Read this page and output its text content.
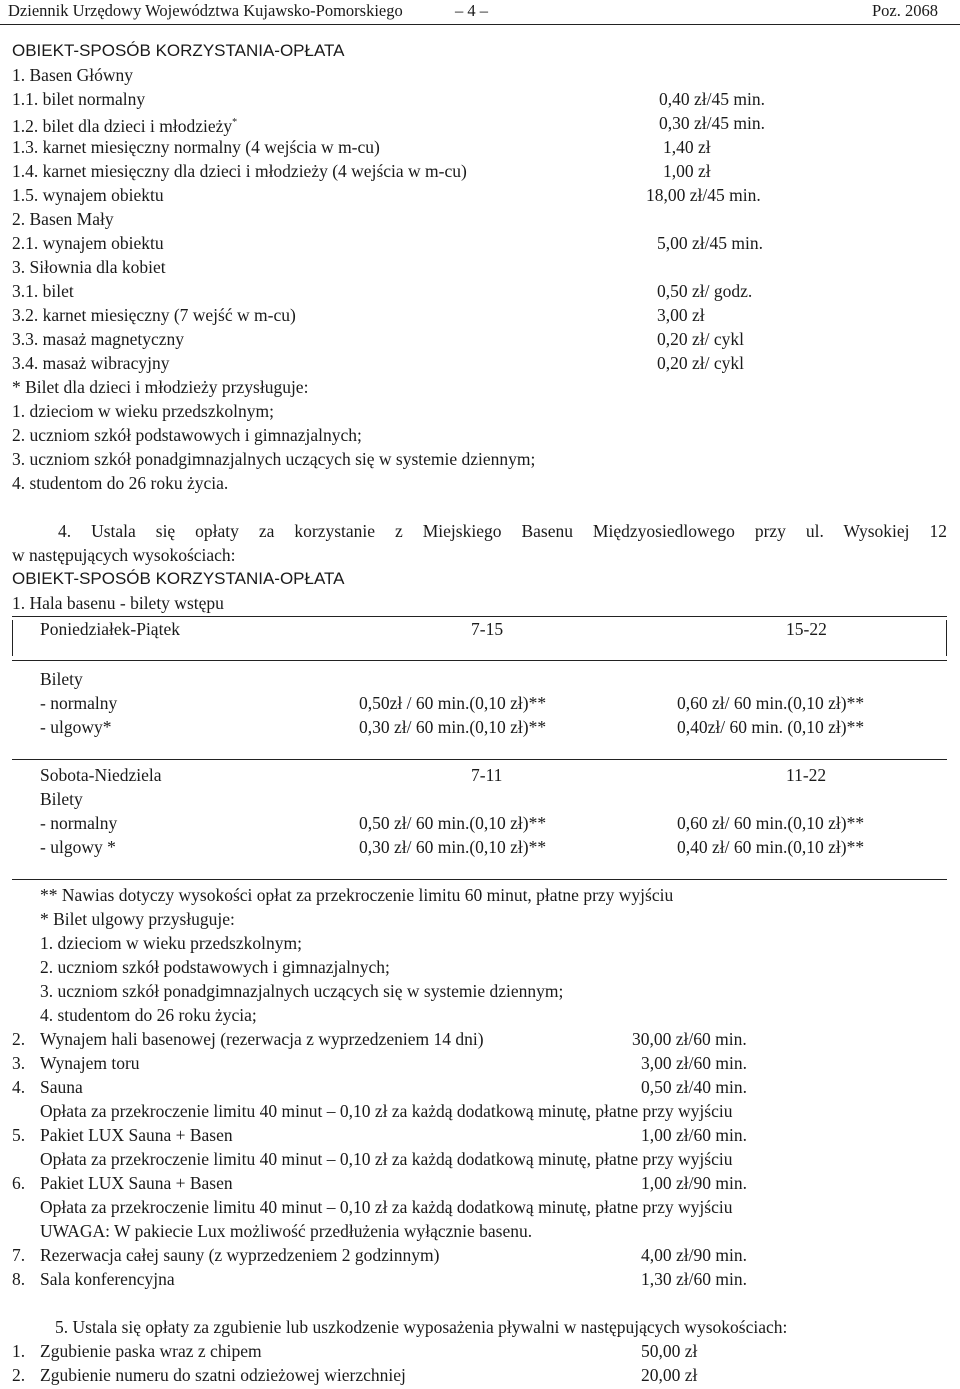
Dziennik Urzędowy Województwa Kujawsko-Pomorskiego	– 4 –	Poz. 2068
OBIEKT-SPOSÓB KORZYSTANIA-OPŁATA
1. Basen Główny
1.1. bilet normalny	0,40 zł/45 min.
1.2. bilet dla dzieci i młodzieży*	0,30 zł/45 min.
1.3. karnet miesięczny normalny (4 wejścia w m-cu)	1,40 zł
1.4. karnet miesięczny dla dzieci i młodzieży (4 wejścia w m-cu)	1,00 zł
1.5. wynajem obiektu	18,00 zł/45 min.
2. Basen Mały
2.1. wynajem obiektu	5,00 zł/45 min.
3. Siłownia dla kobiet
3.1. bilet	0,50 zł/ godz.
3.2. karnet miesięczny (7 wejść w m-cu)	3,00 zł
3.3. masaż magnetyczny	0,20 zł/ cykl
3.4. masaż wibracyjny	0,20 zł/ cykl
* Bilet dla dzieci i młodzieży przysługuje:
1. dzieciom w wieku przedszkolnym;
2. uczniom szkół podstawowych i gimnazjalnych;
3. uczniom szkół ponadgimnazjalnych uczących się w systemie dziennym;
4. studentom do 26 roku życia.
4. Ustala się opłaty za korzystanie z Miejskiego Basenu Międzyosiedlowego przy ul. Wysokiej 12
w następujących wysokościach:
OBIEKT-SPOSÓB KORZYSTANIA-OPŁATA
1. Hala basenu - bilety wstępu
Poniedziałek-Piątek	7-15	15-22
Bilety
- normalny	0,50zł / 60 min.(0,10 zł)**	0,60 zł/ 60 min.(0,10 zł)**
- ulgowy*	0,30 zł/ 60 min.(0,10 zł)**	0,40zł/ 60 min. (0,10 zł)**
Sobota-Niedziela	7-11	11-22
Bilety
- normalny	0,50 zł/ 60 min.(0,10 zł)**	0,60 zł/ 60 min.(0,10 zł)**
- ulgowy *	0,30 zł/ 60 min.(0,10 zł)**	0,40 zł/ 60 min.(0,10 zł)**
** Nawias dotyczy wysokości opłat za przekroczenie limitu 60 minut, płatne przy wyjściu
* Bilet ulgowy przysługuje:
1. dzieciom w wieku przedszkolnym;
2. uczniom szkół podstawowych i gimnazjalnych;
3. uczniom szkół ponadgimnazjalnych uczących się w systemie dziennym;
4. studentom do 26 roku życia;
2. Wynajem hali basenowej (rezerwacja z wyprzedzeniem 14 dni)	30,00 zł/60 min.
3. Wynajem toru	3,00 zł/60 min.
4. Sauna	0,50 zł/40 min.
Opłata za przekroczenie limitu 40 minut – 0,10 zł za każdą dodatkową minutę, płatne przy wyjściu
5. Pakiet LUX Sauna + Basen	1,00 zł/60 min.
Opłata za przekroczenie limitu 40 minut – 0,10 zł za każdą dodatkową minutę, płatne przy wyjściu
6. Pakiet LUX Sauna + Basen	1,00 zł/90 min.
Opłata za przekroczenie limitu 40 minut – 0,10 zł za każdą dodatkową minutę, płatne przy wyjściu
UWAGA: W pakiecie Lux możliwość przedłużenia wyłącznie basenu.
7. Rezerwacja całej sauny (z wyprzedzeniem 2 godzinnym)	4,00 zł/90 min.
8. Sala konferencyjna	1,30 zł/60 min.
5. Ustala się opłaty za zgubienie lub uszkodzenie wyposażenia pływalni w następujących wysokościach:
1. Zgubienie paska wraz z chipem	50,00 zł
2. Zgubienie numeru do szatni odzieżowej wierzchniej	20,00 zł
